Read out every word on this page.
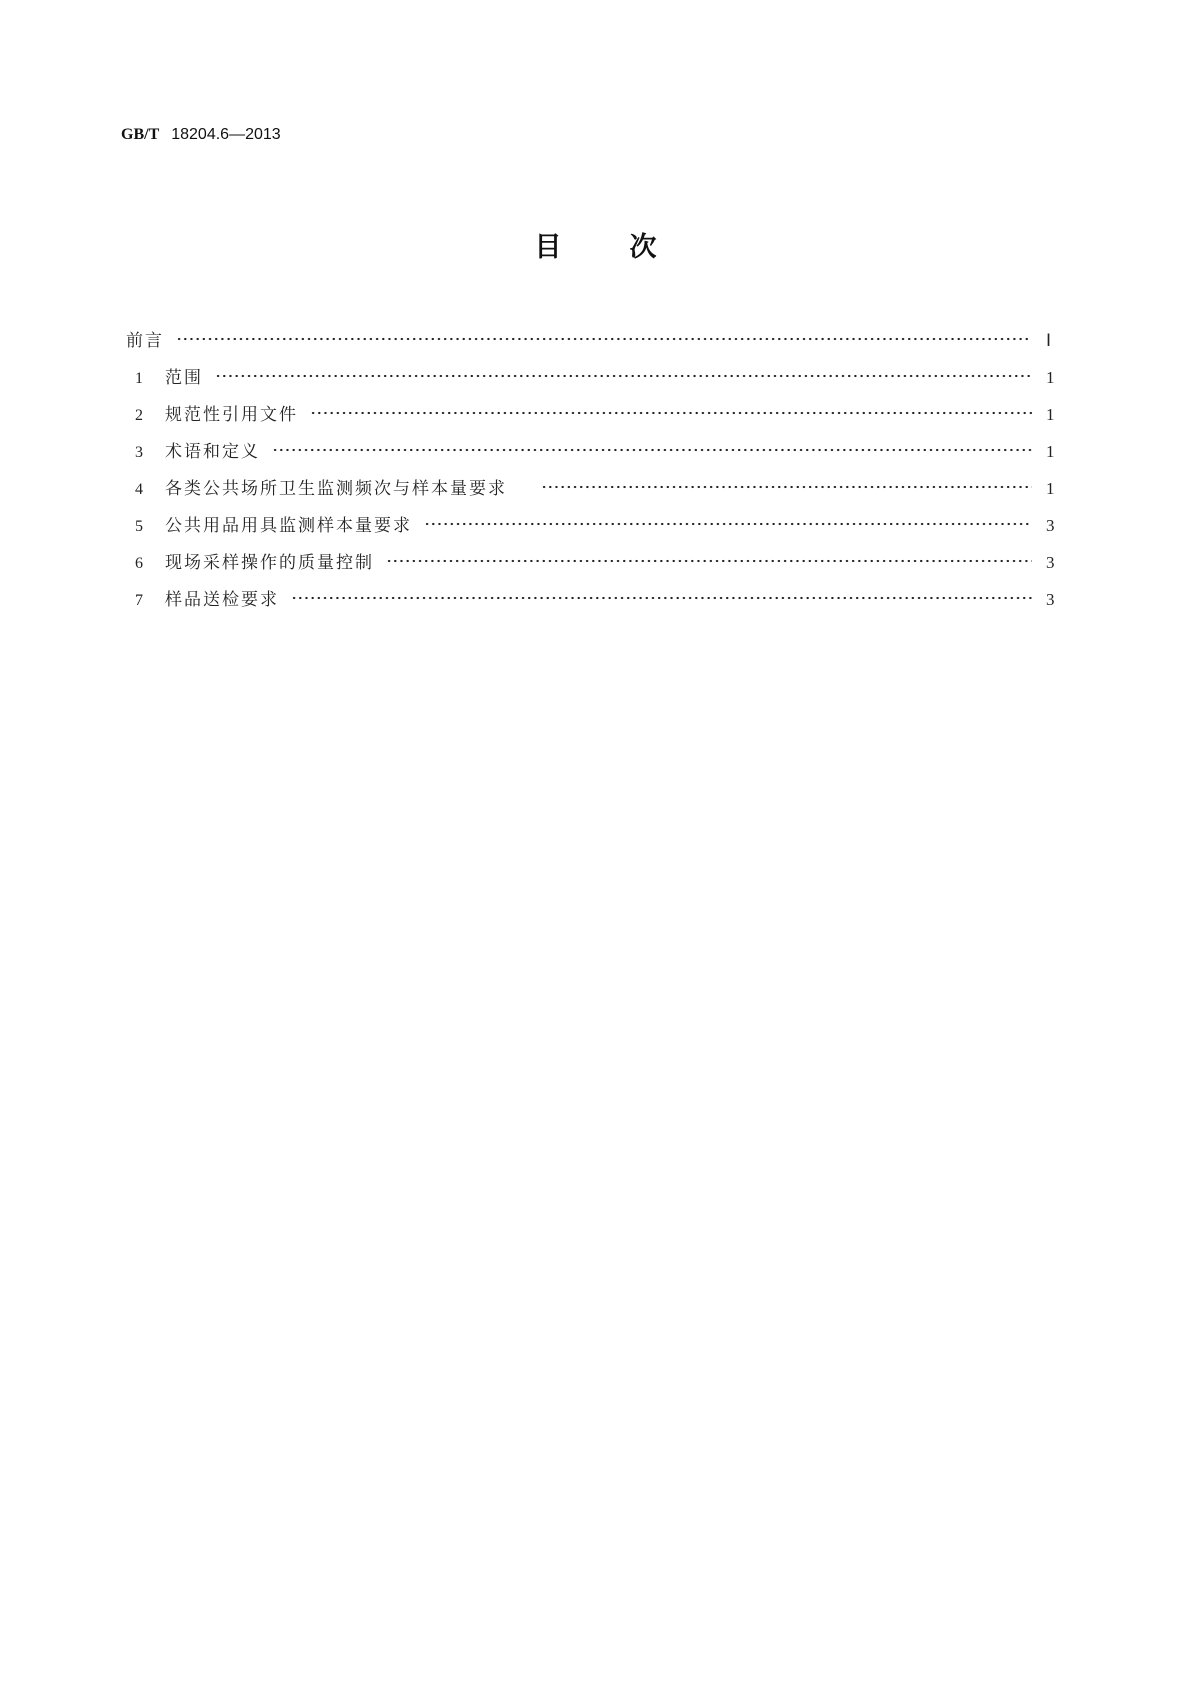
GB/T 18204.6—2013
目次
前言	Ⅰ
1	范围	1
2	规范性引用文件	1
3	术语和定义	1
4	各类公共场所卫生监测频次与样本量要求	1
5	公共用品用具监测样本量要求	3
6	现场采样操作的质量控制	3
7	样品送检要求	3
